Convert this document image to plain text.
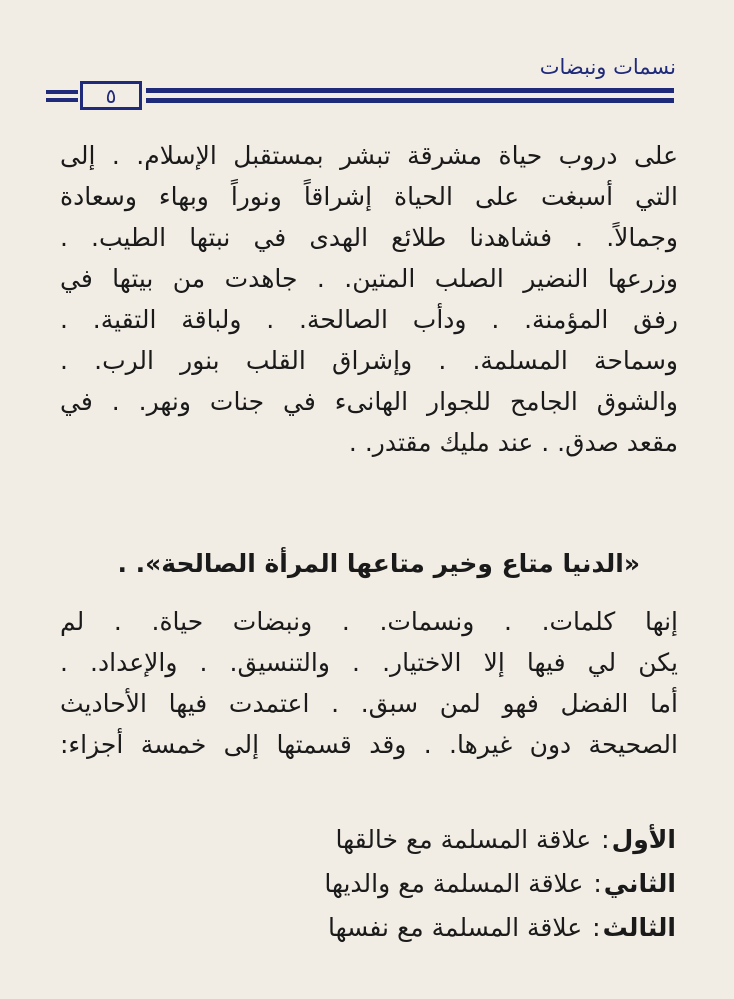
نسمات ونبضات
٥
على دروب حياة مشرقة تبشر بمستقبل الإسلام. . إلى
التي أسبغت على الحياة إشراقاً ونوراً وبهاء وسعادة
وجمالاً. . فشاهدنا طلائع الهدى في نبتها الطيب. .
وزرعها النضير الصلب المتين. . جاهدت من بيتها في
رفق المؤمنة. . ودأب الصالحة. . ولباقة التقية. .
وسماحة المسلمة. . وإشراق القلب بنور الرب. .
والشوق الجامح للجوار الهانىء في جنات ونهر. . في
مقعد صدق. . عند مليك مقتدر. .
«الدنيا متاع وخير متاعها المرأة الصالحة». .
إنها كلمات. . ونسمات. . ونبضات حياة. . لم
يكن لي فيها إلا الاختيار. . والتنسيق. . والإعداد. .
أما الفضل فهو لمن سبق. . اعتمدت فيها الأحاديث
الصحيحة دون غيرها. . وقد قسمتها إلى خمسة أجزاء:
الأول: علاقة المسلمة مع خالقها
الثاني: علاقة المسلمة مع والديها
الثالث: علاقة المسلمة مع نفسها
